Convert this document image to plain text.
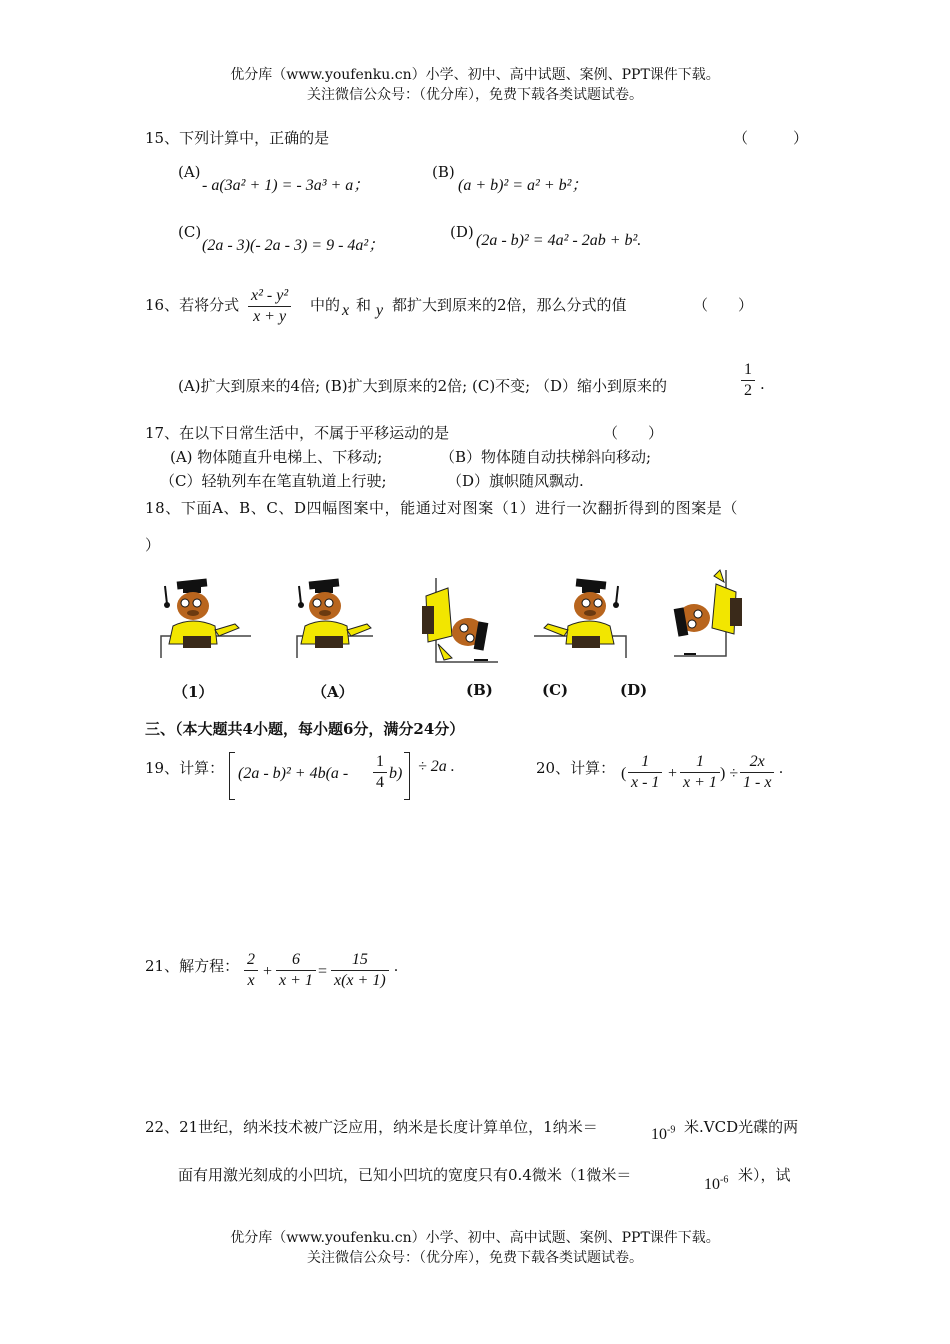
优分库（www.youfenku.cn）小学、初中、高中试题、案例、PPT课件下载。
关注微信公众号：（优分库），免费下载各类试题试卷。
15、下列计算中，正确的是	（　　　）
(A)
- a(3a² + 1) = - 3a³ + a；
(B)
(a + b)² = a² + b²；
(C)
(2a - 3)(- 2a - 3) = 9 - 4a²；
(D) (2a - b)² = 4a² - 2ab + b².
16、若将分式 $\frac{\text{x² - y²}}{x + y}$ 中的 x 和 y 都扩大到原来的2倍，那么分式的值	（　　）
(A)扩大到原来的4倍; (B)扩大到原来的2倍; (C)不变; （D）缩小到原来的	$\frac{1}{2}$ .
17、在以下日常生活中，不属于平移运动的是	（　　）
(A) 物体随直升电梯上、下移动;	（B）物体随自动扶梯斜向移动;
（C）轻轨列车在笔直轨道上行驶;	（D）旗帜随风飘动.
18、下面A、B、C、D四幅图案中，能通过对图案（1）进行一次翻折得到的图案是（
）
（1）	（A）	(B)	(C)	(D)
三、（本大题共4小题，每小题6分，满分24分）
19、计算： $(2a - b)^2 + 4b(a - \frac{1}{4} b) \div 2a$ .	20、计算： ( $\frac{1}{x - 1} + \frac{1}{x + 1}$ ) ÷ $\frac{2x}{1 - x}$ .
21、解方程： $\frac{2}{x} + \frac{6}{x + 1} = \frac{15}{x(x + 1)}$ .
22、21世纪，纳米技术被广泛应用，纳米是长度计算单位，1纳米＝	$10^{-9}$ 米.VCD光碟的两
面有用激光刻成的小凹坑，已知小凹坑的宽度只有0.4微米（1微米＝
$10^{-6}$ 米），试
优分库（www.youfenku.cn）小学、初中、高中试题、案例、PPT课件下载。
关注微信公众号：（优分库），免费下载各类试题试卷。
